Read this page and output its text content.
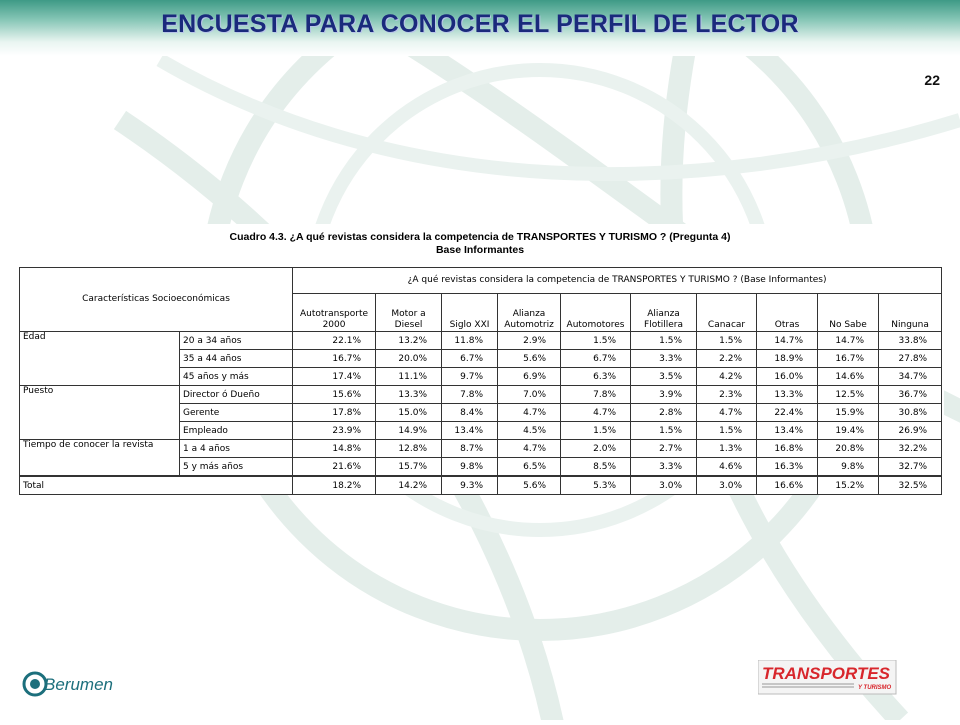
ENCUESTA PARA CONOCER EL PERFIL DE LECTOR
22
Cuadro 4.3. ¿A qué revistas considera la competencia de TRANSPORTES Y TURISMO ? (Pregunta 4)
Base Informantes
Características Socioeconómicas		¿A qué revistas considera la competencia de TRANSPORTES Y TURISMO ? (Base Informantes)									
		Autotransporte 2000	Motor a Diesel	Siglo XXI	Alianza Automotriz	Automotores	Alianza Flotillera	Canacar	Otras	No Sabe	Ninguna
Edad	20 a 34 años	22.1%	13.2%	11.8%	2.9%	1.5%	1.5%	1.5%	14.7%	14.7%	33.8%
	35 a 44 años	16.7%	20.0%	6.7%	5.6%	6.7%	3.3%	2.2%	18.9%	16.7%	27.8%
	45 años y más	17.4%	11.1%	9.7%	6.9%	6.3%	3.5%	4.2%	16.0%	14.6%	34.7%
Puesto	Director ó Dueño	15.6%	13.3%	7.8%	7.0%	7.8%	3.9%	2.3%	13.3%	12.5%	36.7%
	Gerente	17.8%	15.0%	8.4%	4.7%	4.7%	2.8%	4.7%	22.4%	15.9%	30.8%
	Empleado	23.9%	14.9%	13.4%	4.5%	1.5%	1.5%	1.5%	13.4%	19.4%	26.9%
Tiempo de conocer la revista	1 a 4 años	14.8%	12.8%	8.7%	4.7%	2.0%	2.7%	1.3%	16.8%	20.8%	32.2%
	5 y más años	21.6%	15.7%	9.8%	6.5%	8.5%	3.3%	4.6%	16.3%	9.8%	32.7%
Total		18.2%	14.2%	9.3%	5.6%	5.3%	3.0%	3.0%	16.6%	15.2%	32.5%
Berumen
TRANSPORTES
Y TURISMO
